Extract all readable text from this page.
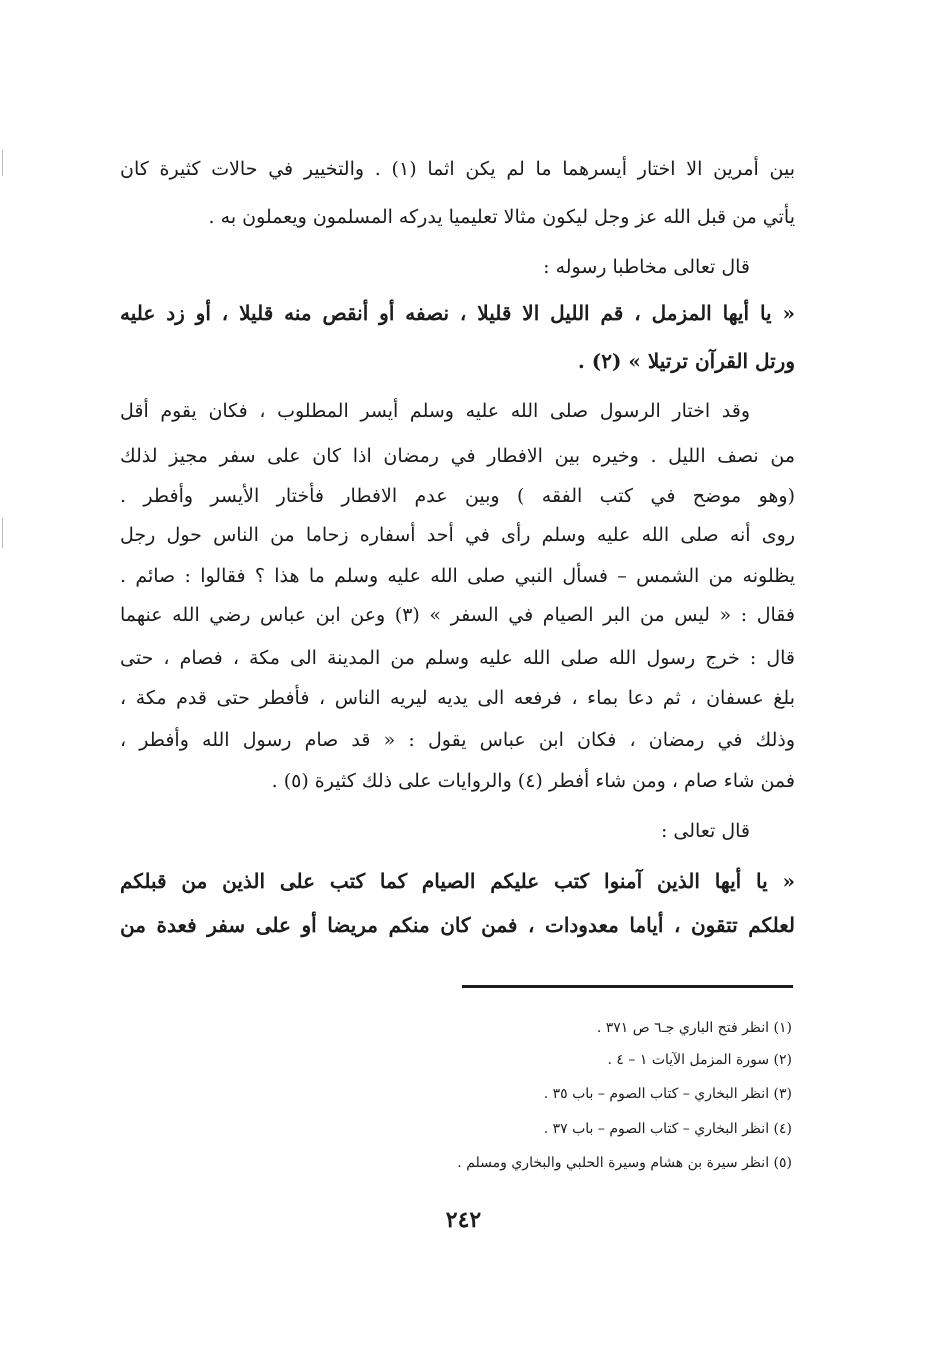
بين أمرين الا اختار أيسرهما ما لم يكن اثما (١) . والتخيير في حالات كثيرة كان
يأتي من قبل الله عز وجل ليكون مثالا تعليميا يدركه المسلمون ويعملون به .
قال تعالى مخاطبا رسوله :
« يا أيها المزمل ، قم الليل الا قليلا ، نصفه أو أنقص منه قليلا ، أو زد عليه
ورتل القرآن ترتيلا » (٢) .
وقد اختار الرسول صلى الله عليه وسلم أيسر المطلوب ، فكان يقوم أقل
من نصف الليل . وخيره بين الافطار في رمضان اذا كان على سفر مجيز لذلك
(وهو موضح في كتب الفقه ) وبين عدم الافطار فأختار الأيسر وأفطر .
روى أنه صلى الله عليه وسلم رأى في أحد أسفاره زحاما من الناس حول رجل
يظلونه من الشمس – فسأل النبي صلى الله عليه وسلم ما هذا ؟ فقالوا : صائم .
فقال : « ليس من البر الصيام في السفر » (٣) وعن ابن عباس رضي الله عنهما
قال : خرج رسول الله صلى الله عليه وسلم من المدينة الى مكة ، فصام ، حتى
بلغ عسفان ، ثم دعا بماء ، فرفعه الى يديه ليريه الناس ، فأفطر حتى قدم مكة ،
وذلك في رمضان ، فكان ابن عباس يقول : « قد صام رسول الله وأفطر ،
فمن شاء صام ، ومن شاء أفطر (٤) والروايات على ذلك كثيرة (٥) .
قال تعالى :
« يا أيها الذين آمنوا كتب عليكم الصيام كما كتب على الذين من قبلكم
لعلكم تتقون ، أياما معدودات ، فمن كان منكم مريضا أو على سفر فعدة من
(١) انظر فتح الباري جـ٦ ص ٣٧١ .
(٢) سورة المزمل الآيات ١ – ٤ .
(٣) انظر البخاري – كتاب الصوم – باب ٣٥ .
(٤) انظر البخاري – كتاب الصوم – باب ٣٧ .
(٥) انظر سيرة بن هشام وسيرة الحلبي والبخاري ومسلم .
٢٤٢
